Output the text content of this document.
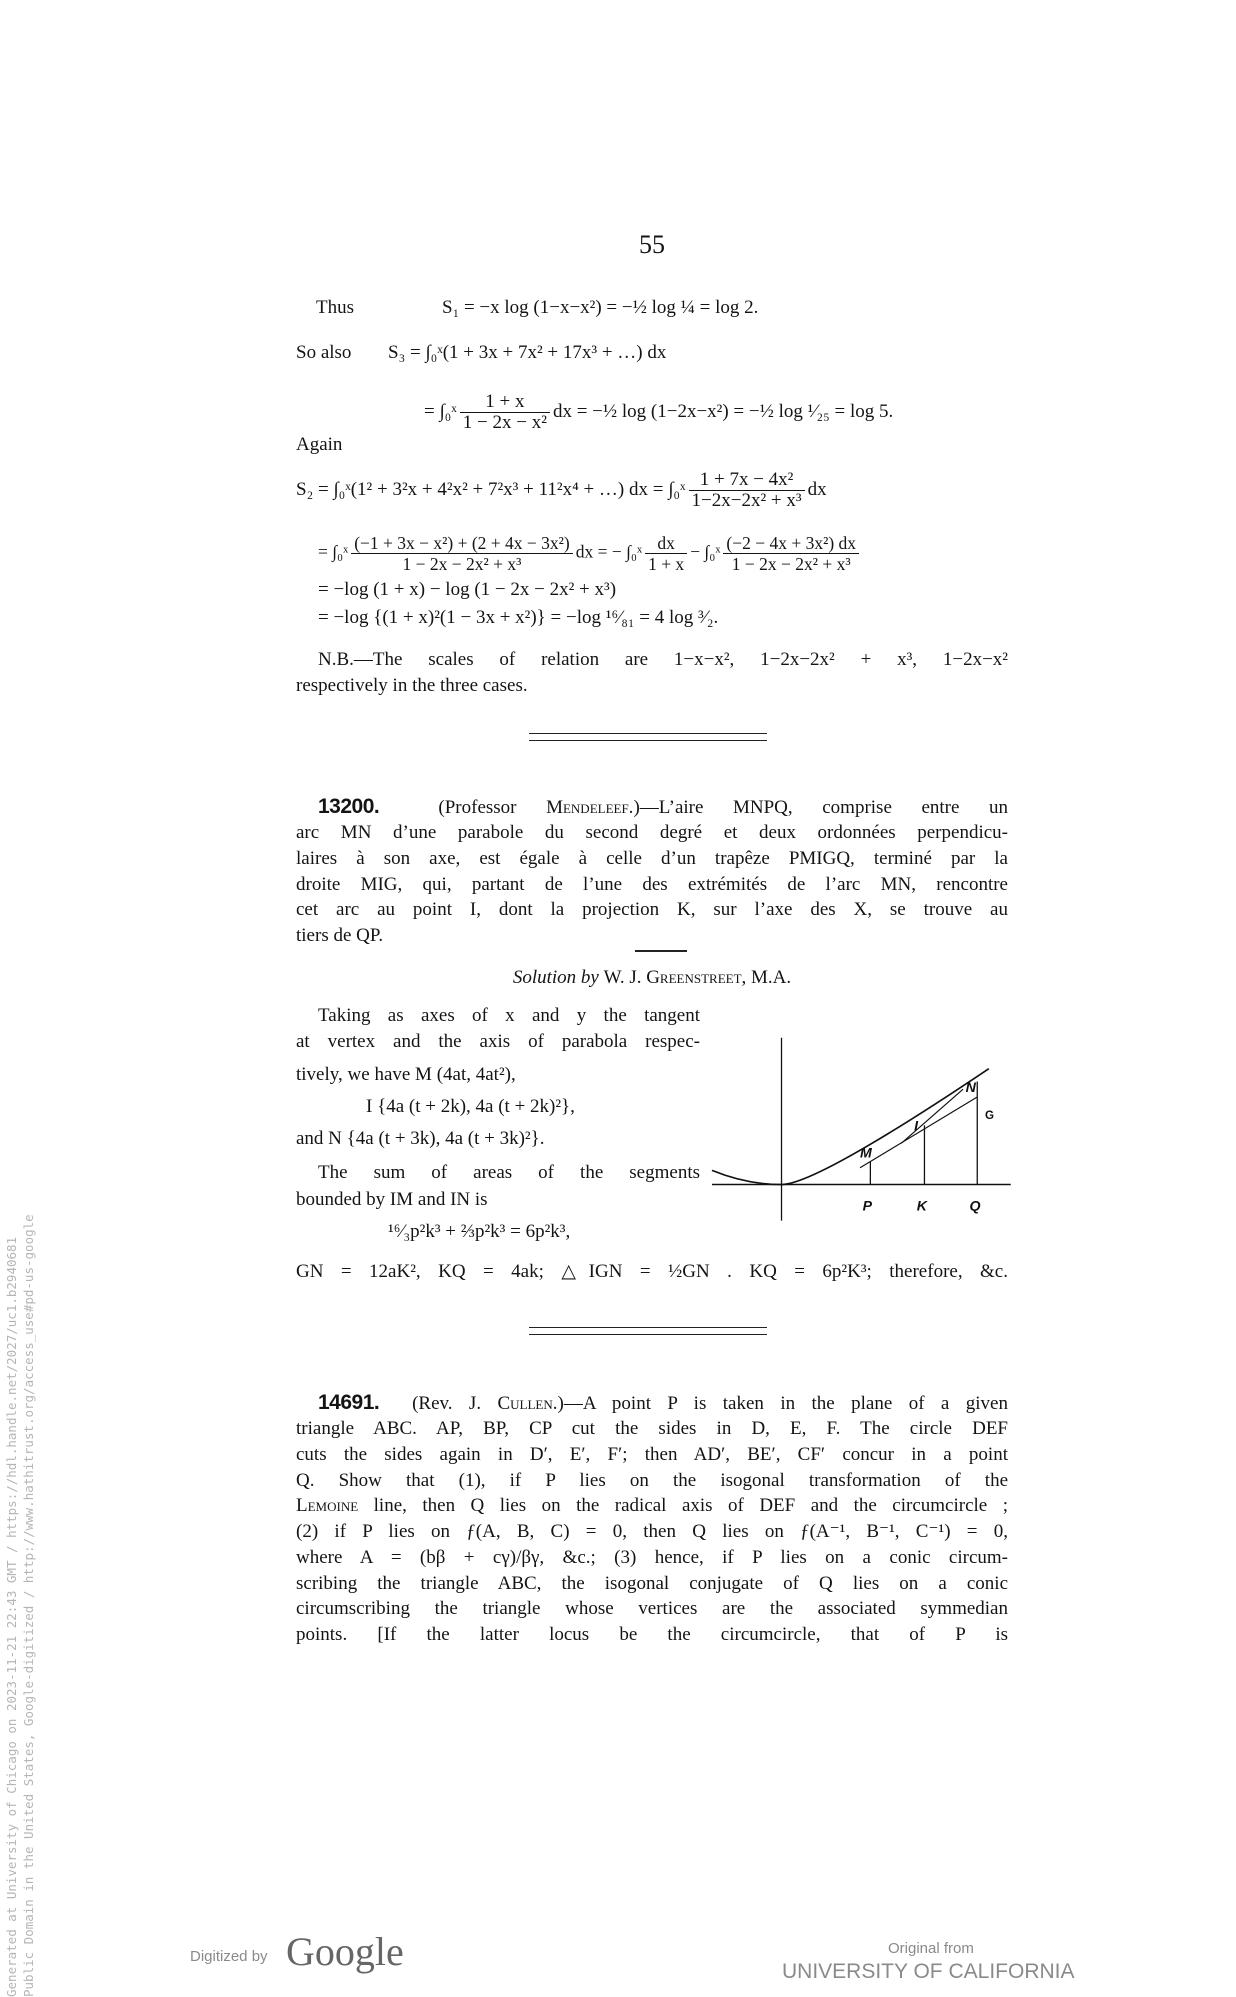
55
Thus	S₁ = −x log (1−x−x²) = −½ log ¼ = log 2.
So also S₃ = ∫₀ˣ(1 + 3x + 7x² + 17x³ + …) dx
= ∫₀ˣ $\frac{1 + x}{\text{1 − 2x − x²}}$ dx = −½ log (1−2x−x²) = −½ log ¹⁄₂₅ = log 5.
Again
S₂ = ∫₀ˣ(1² + 3²x + 4²x² + 7²x³ + 11²x⁴ + …) dx = ∫₀ˣ $\frac{\text{1 + 7x − 4x²}}{\text{1−2x−2x² + x³}}$ dx
= ∫₀ˣ $\frac{\text{(−1 + 3x − x²) + (2 + 4x − 3x²)}}{\text{1 − 2x − 2x² + x³}}$ dx = − ∫₀ˣ $\frac{dx}{1 + x}$ − ∫₀ˣ $\frac{\text{(−2 − 4x + 3x²) dx}}{\text{1 − 2x − 2x² + x³}}$
= −log (1 + x) − log (1 − 2x − 2x² + x³)
= −log {(1 + x)²(1 − 3x + x²)} = −log ¹⁶⁄₈₁ = 4 log ³⁄₂.
N.B.—The scales of relation are 1−x−x², 1−2x−2x² + x³, 1−2x−x²
respectively in the three cases.
13200.	(Professor Mendeleef.)—L’aire MNPQ, comprise entre un
arc MN d’une parabole du second degré et deux ordonnées perpendicu-
laires à son axe, est égale à celle d’un trapêze PMIGQ, terminé par la
droite MIG, qui, partant de l’une des extrémités de l’arc MN, rencontre
cet arc au point I, dont la projection K, sur l’axe des X, se trouve au
tiers de QP.
Solution by W. J. Greenstreet, M.A.
Taking as axes of x and y the tangent
at vertex and the axis of parabola respec-
tively, we have M (4at, 4at²),
I {4a (t + 2k), 4a (t + 2k)²},
and N {4a (t + 3k), 4a (t + 3k)²}.
The sum of areas of the segments
bounded by IM and IN is
¹⁶⁄₃p²k³ + ⅔p²k³ = 6p²k³,
GN = 12aK², KQ = 4ak; △IGN = ½GN . KQ = 6p²K³; therefore, &c.
M
I
N
G
P	K	Q
14691. (Rev. J. Cullen.)—A point P is taken in the plane of a given
triangle ABC. AP, BP, CP cut the sides in D, E, F. The circle DEF
cuts the sides again in D′, E′, F′; then AD′, BE′, CF′ concur in a point
Q. Show that (1), if P lies on the isogonal transformation of the
Lemoine line, then Q lies on the radical axis of DEF and the circumcircle ;
(2) if P lies on ƒ(A, B, C) = 0, then Q lies on ƒ(A⁻¹, B⁻¹, C⁻¹) = 0,
where A = (bβ + cγ)/βγ, &c.; (3) hence, if P lies on a conic circum-
scribing the triangle ABC, the isogonal conjugate of Q lies on a conic
circumscribing the triangle whose vertices are the associated symmedian
points. [If the latter locus be the circumcircle, that of P is
Generated at University of Chicago on 2023-11-21 22:43 GMT / https://hdl.handle.net/2027/uc1.b2940681 Public Domain in the United States, Google-digitized / http://www.hathitrust.org/access_use#pd-us-google	Digitized by Google	Original from
UNIVERSITY OF CALIFORNIA
